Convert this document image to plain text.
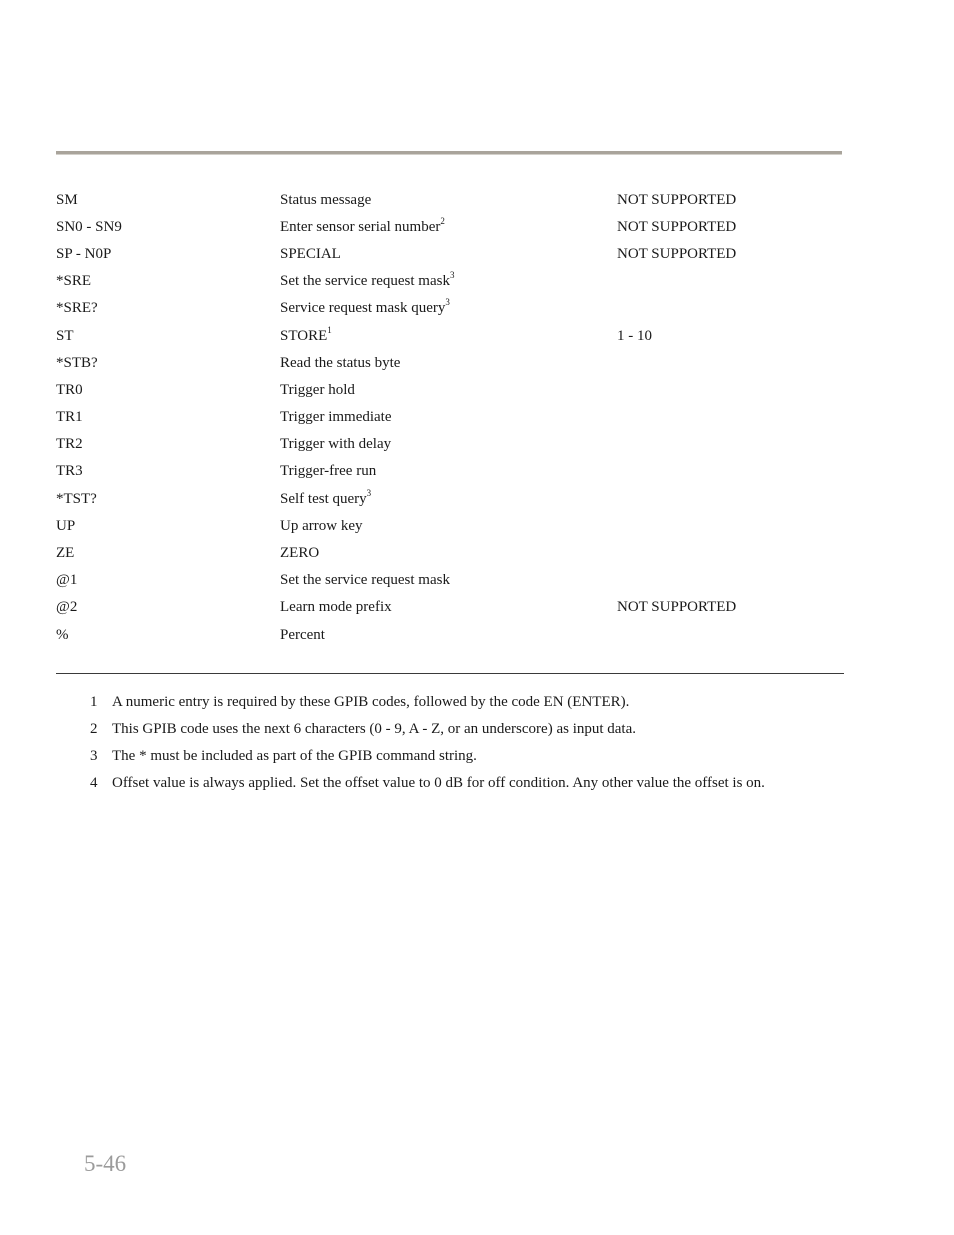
SM	Status message	NOT SUPPORTED
SN0 - SN9	Enter sensor serial number$^2$	NOT SUPPORTED
SP - N0P	SPECIAL	NOT SUPPORTED
*SRE	Set the service request mask$^3$	
*SRE?	Service request mask query$^3$	
ST	STORE$^1$	1 - 10
*STB?	Read the status byte	
TR0	Trigger hold	
TR1	Trigger immediate	
TR2	Trigger with delay	
TR3	Trigger-free run	
*TST?	Self test query$^3$	
UP	Up arrow key	
ZE	ZERO	
@1	Set the service request mask	
@2	Learn mode prefix	NOT SUPPORTED
%	Percent	
1 A numeric entry is required by these GPIB codes, followed by the code EN (ENTER).
2 This GPIB code uses the next 6 characters (0 - 9, A - Z, or an underscore) as input data.
3 The * must be included as part of the GPIB command string.
4 Offset value is always applied. Set the offset value to 0 dB for off condition. Any other value the offset is on.
5-46
